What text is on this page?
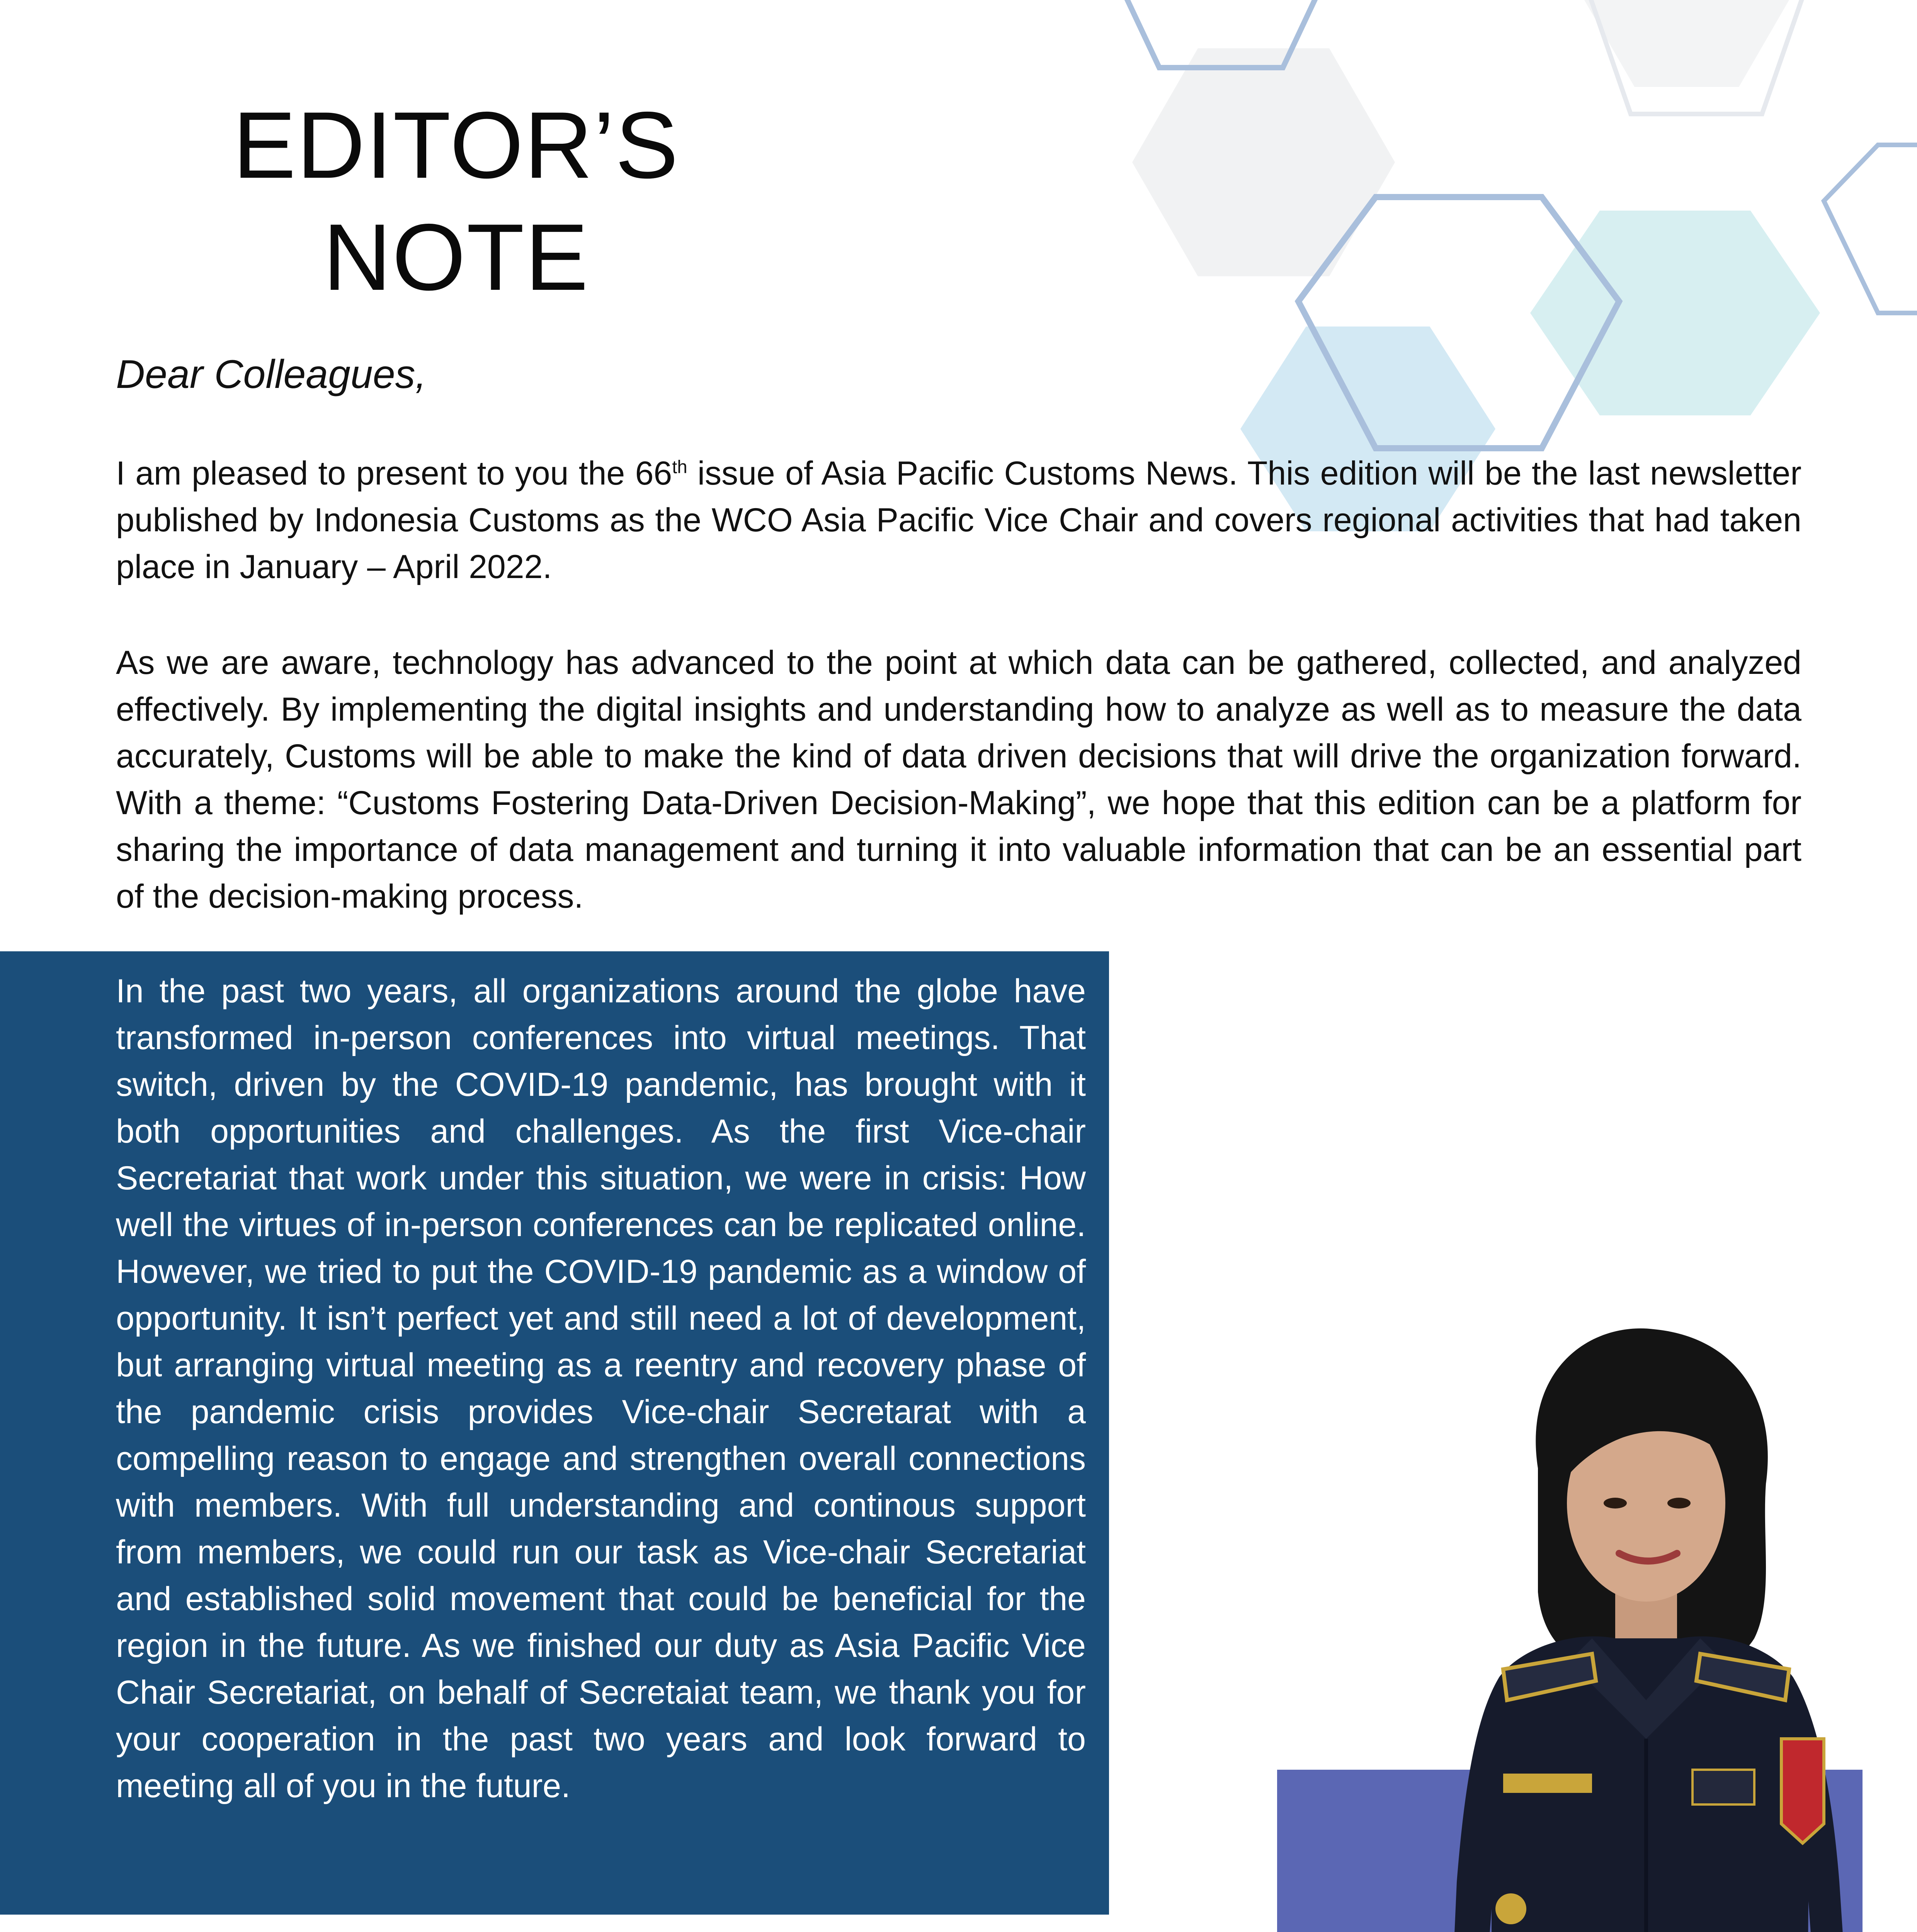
EDITOR’S
NOTE
Dear Colleagues,

I am pleased to present to you the 66th issue of Asia Pacific Customs News. This edition will be the last newsletter published by Indonesia Customs as the WCO Asia Pacific Vice Chair and covers regional activities that had taken place in January – April 2022.

As we are aware, technology has advanced to the point at which data can be gathered, collected, and analyzed effectively. By implementing the digital insights and understanding how to analyze as well as to measure the data accurately, Customs will be able to make the kind of data driven decisions that will drive the organization forward. With a theme: “Customs Fostering Data-Driven Decision-Making”, we hope that this edition can be a platform for sharing the importance of data management and turning it into valuable information that can be an essential part of the decision-making process.

In the past two years, all organizations around the globe have transformed in-person conferences into virtual meetings. That switch, driven by the COVID-19 pandemic, has brought with it both opportunities and challenges. As the first Vice-chair Secretariat that work under this situation, we were in crisis: How well the virtues of in-person conferences can be replicated online. However, we tried to put the COVID-19 pandemic as a window of opportunity. It isn’t perfect yet and still need a lot of development, but arranging virtual meeting as a reentry and recovery phase of the pandemic crisis provides Vice-chair Secretarat with a compelling reason to engage and strengthen overall connections with members. With full understanding and continous support from members, we could run our task as Vice-chair Secretariat and established solid movement that could be beneficial for the region in the future. As we finished our duty as Asia Pacific Vice Chair Secretariat, on behalf of Secretaiat team, we thank you for your cooperation in the past two years and look forward to meeting all of you in the future.
